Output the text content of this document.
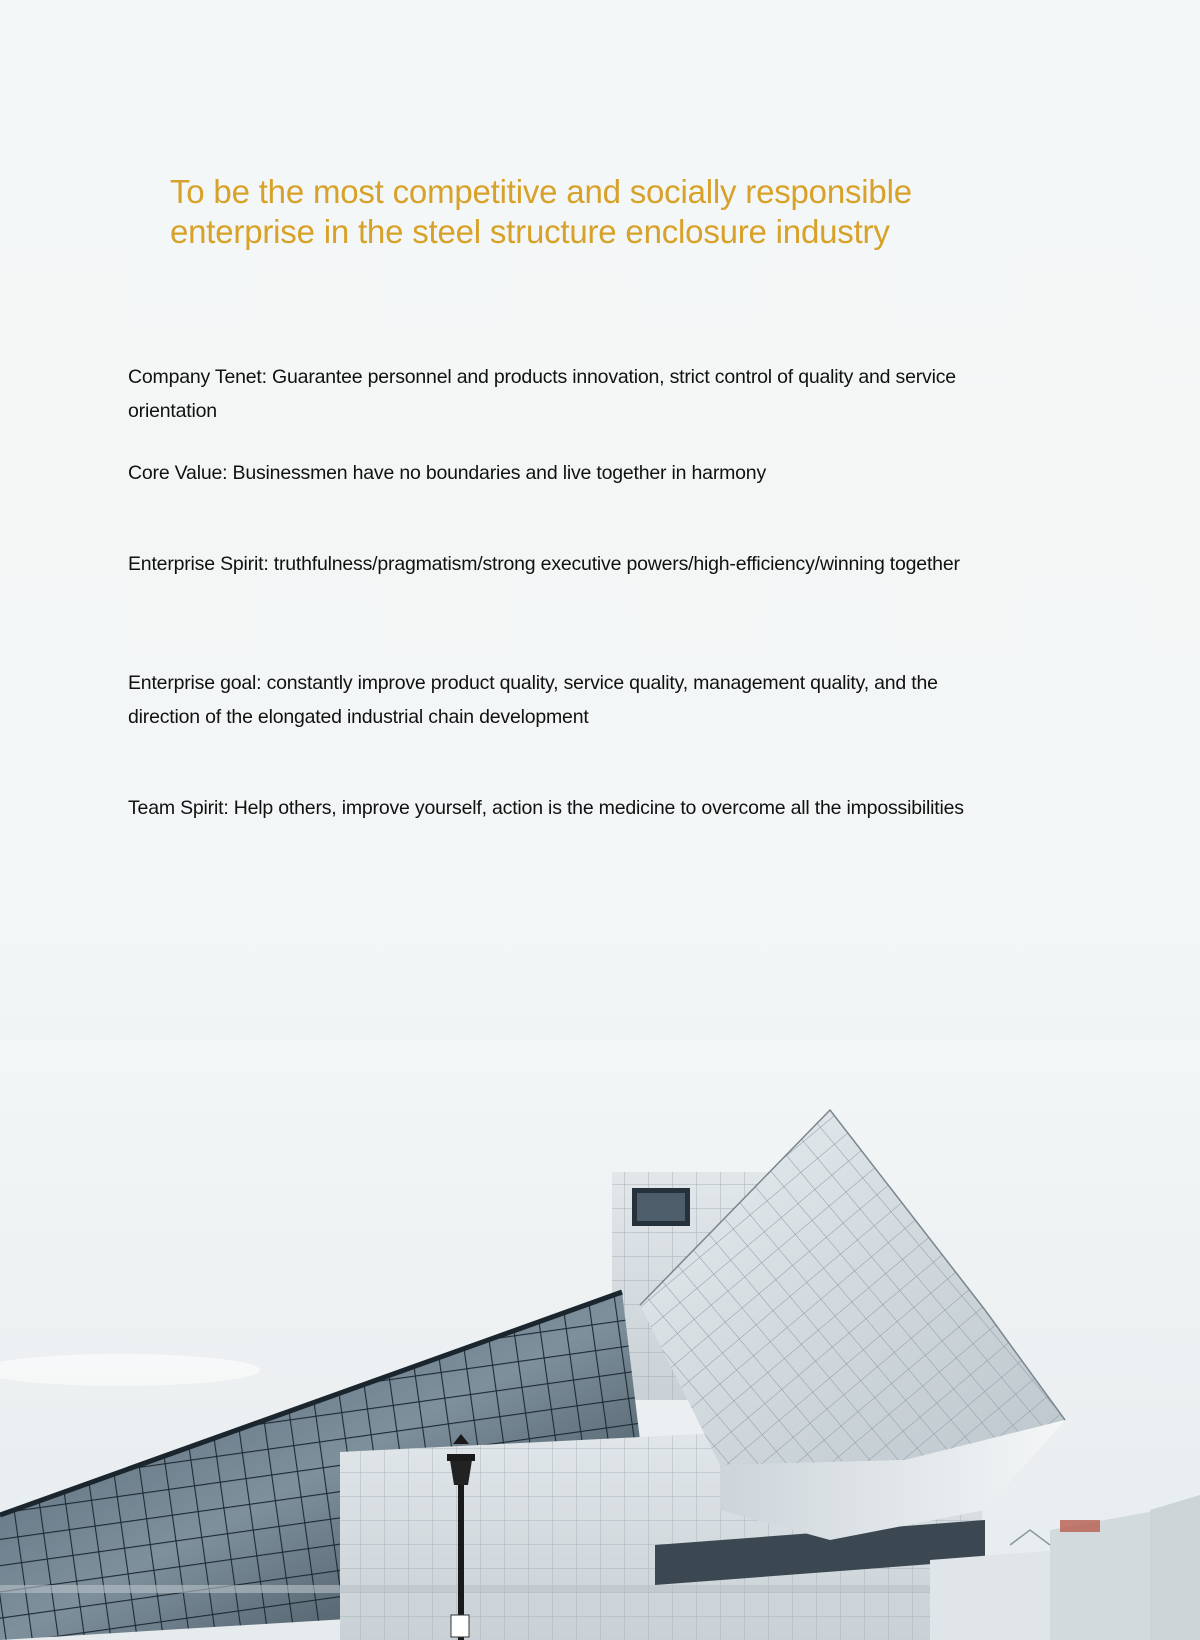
To be the most competitive and socially responsible
enterprise in the steel structure enclosure industry

Company Tenet: Guarantee personnel and products innovation, strict control of quality and service
orientation

Core Value: Businessmen have no boundaries and live together in harmony

Enterprise Spirit: truthfulness/pragmatism/strong executive powers/high-efficiency/winning together

Enterprise goal: constantly improve product quality, service quality, management quality, and the
direction of the elongated industrial chain development

Team Spirit: Help others, improve yourself, action is the medicine to overcome all the impossibilities
